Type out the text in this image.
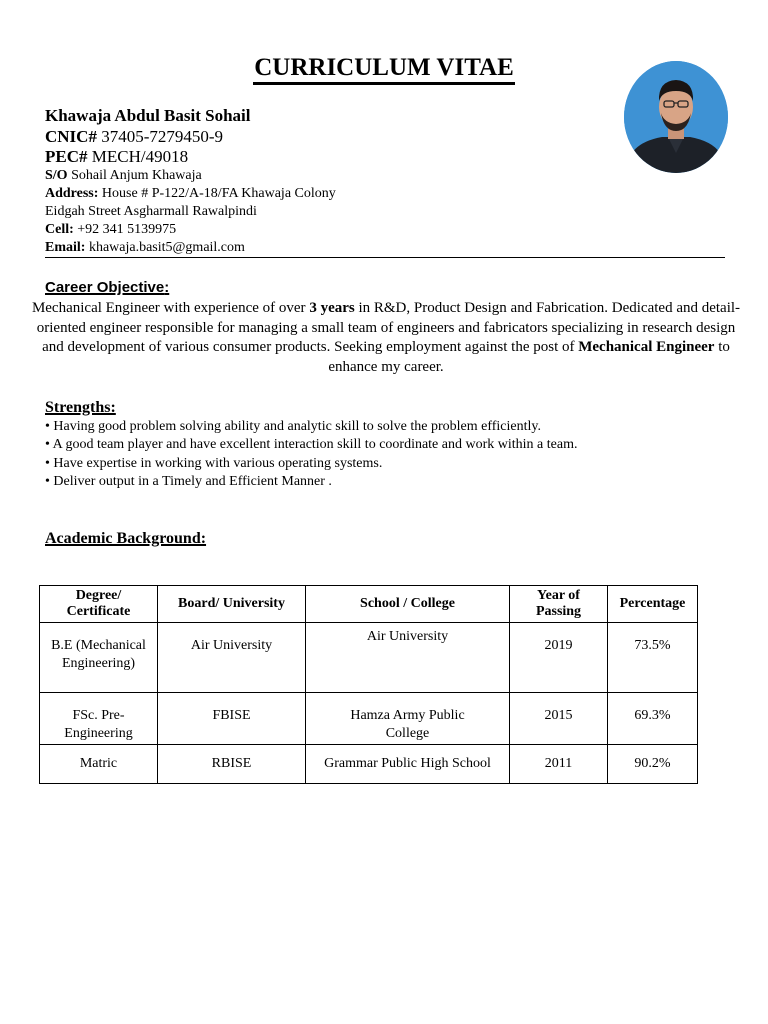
CURRICULUM VITAE
Khawaja Abdul Basit Sohail
CNIC# 37405-7279450-9
PEC# MECH/49018
S/O Sohail Anjum Khawaja
Address: House # P-122/A-18/FA Khawaja Colony
Eidgah Street Asgharmall Rawalpindi
Cell: +92 341 5139975
Email: khawaja.basit5@gmail.com
Career Objective:
Mechanical Engineer with experience of over 3 years in R&D, Product Design and Fabrication. Dedicated and detail-oriented engineer responsible for managing a small team of engineers and fabricators specializing in research design and development of various consumer products. Seeking employment against the post of Mechanical Engineer to enhance my career.
Strengths:
• Having good problem solving ability and analytic skill to solve the problem efficiently.
• A good team player and have excellent interaction skill to coordinate and work within a team.
• Have expertise in working with various operating systems.
• Deliver output in a Timely and Efficient Manner .
Academic Background:
Degree/ Certificate	Board/ University	School / College	Year of Passing	Percentage
B.E (Mechanical Engineering)	Air University	Air University	2019	73.5%
FSc. Pre-Engineering	FBISE	Hamza Army Public College	2015	69.3%
Matric	RBISE	Grammar Public High School	2011	90.2%
